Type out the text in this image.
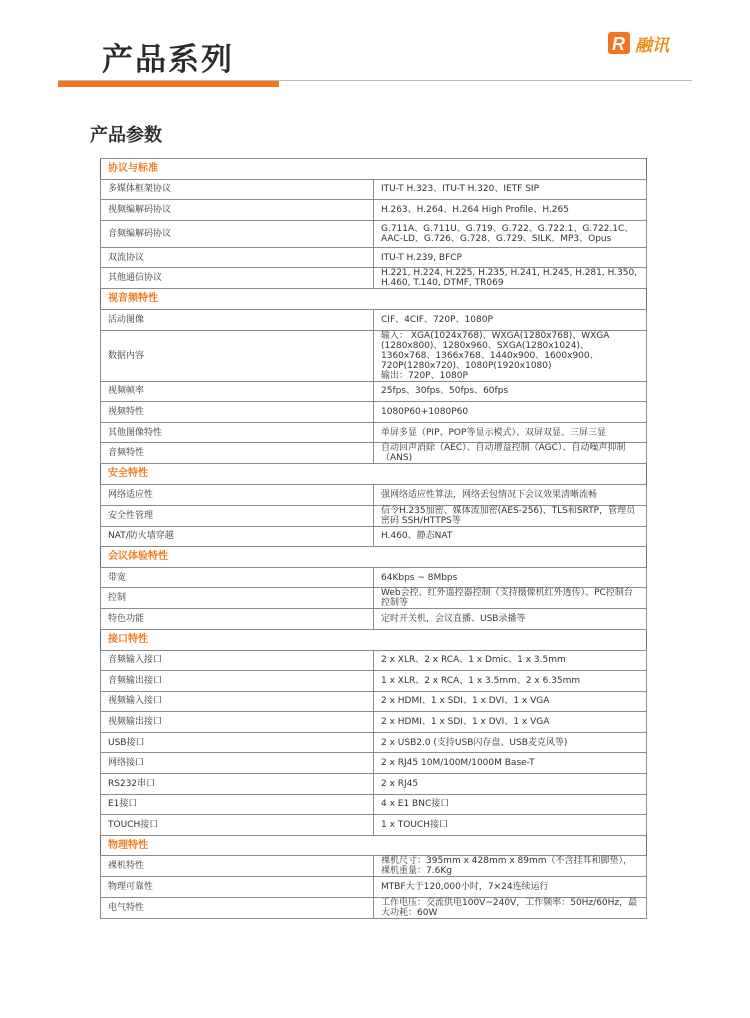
产品系列	R 融讯
产品参数
协议与标准	
多媒体框架协议	ITU-T H.323、ITU-T H.320、IETF SIP
视频编解码协议	H.263、H.264、H.264 High Profile、H.265
音频编解码协议	G.711A、G.711U、G.719、G.722、G.722.1、G.722.1C、AAC-LD、G.726、G.728、G.729、SILK、MP3、Opus
双流协议	ITU-T H.239, BFCP
其他通信协议	H.221, H.224, H.225, H.235, H.241, H.245, H.281, H.350, H.460, T.140, DTMF, TR069
视音频特性	
活动图像	CIF、4CIF、720P、1080P
数据内容	输入： XGA(1024x768)、WXGA(1280x768)、WXGA (1280x800)、1280x960、SXGA(1280x1024)、
1360x768、1366x768、1440x900、1600x900、720P(1280x720)、1080P(1920x1080)
输出：720P、1080P

视频帧率	25fps、30fps、50fps、60fps
视频特性	1080P60+1080P60
其他图像特性	单屏多显（PIP、POP等显示模式）、双屏双显、三屏三显
音频特性	自动回声消除（AEC）、自动增益控制（AGC）、自动噪声抑制（ANS)
安全特性	
网络适应性	强网络适应性算法，网络丢包情况下会议效果清晰流畅
安全性管理	信令H.235加密、媒体流加密(AES-256)、TLS和SRTP，管理员密码 SSH/HTTPS等
NAT/防火墙穿越	H.460、静态NAT
会议体验特性	
带宽	64Kbps ~ 8Mbps
控制	Web会控、红外遥控器控制（支持摄像机红外透传）、PC控制台控制等
特色功能	定时开关机，会议直播、USB录播等
接口特性	
音频输入接口	2 x XLR、2 x RCA、1 x Dmic、1 x 3.5mm
音频输出接口	1 x XLR、2 x RCA、1 x 3.5mm、2 x 6.35mm
视频输入接口	2 x HDMI、1 x SDI、1 x DVI、1 x VGA
视频输出接口	2 x HDMI、1 x SDI、1 x DVI、1 x VGA
USB接口	2 x USB2.0 (支持USB闪存盘、USB麦克风等)
网络接口	2 x RJ45 10M/100M/1000M Base-T
RS232串口	2 x RJ45
E1接口	4 x E1 BNC接口
TOUCH接口	1 x TOUCH接口
物理特性	
裸机特性	裸机尺寸：395mm x 428mm x 89mm（不含挂耳和脚垫），裸机重量：7.6Kg
物理可靠性	MTBF大于120,000小时，7×24连续运行
电气特性	工作电压：交流供电100V~240V，工作频率：50Hz/60Hz，最大功耗：60W
